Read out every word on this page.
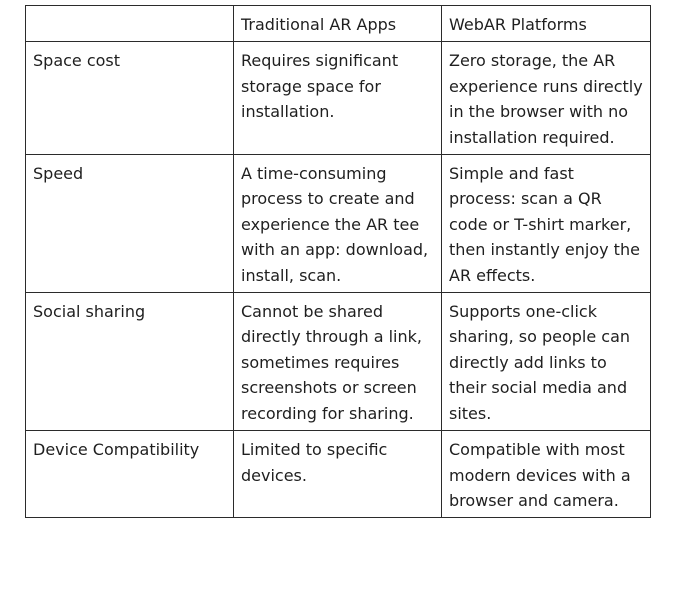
	Traditional AR Apps	WebAR Platforms
Space cost	Requires significant storage space for installation.	Zero storage, the AR experience runs directly in the browser with no installation required.
Speed	A time-consuming process to create and experience the AR tee with an app: download, install, scan.	Simple and fast process: scan a QR code or T-shirt marker, then instantly enjoy the AR effects.
Social sharing	Cannot be shared directly through a link, sometimes requires screenshots or screen recording for sharing.	Supports one-click sharing, so people can directly add links to their social media and sites.
Device Compatibility	Limited to specific devices.	Compatible with most modern devices with a browser and camera.
